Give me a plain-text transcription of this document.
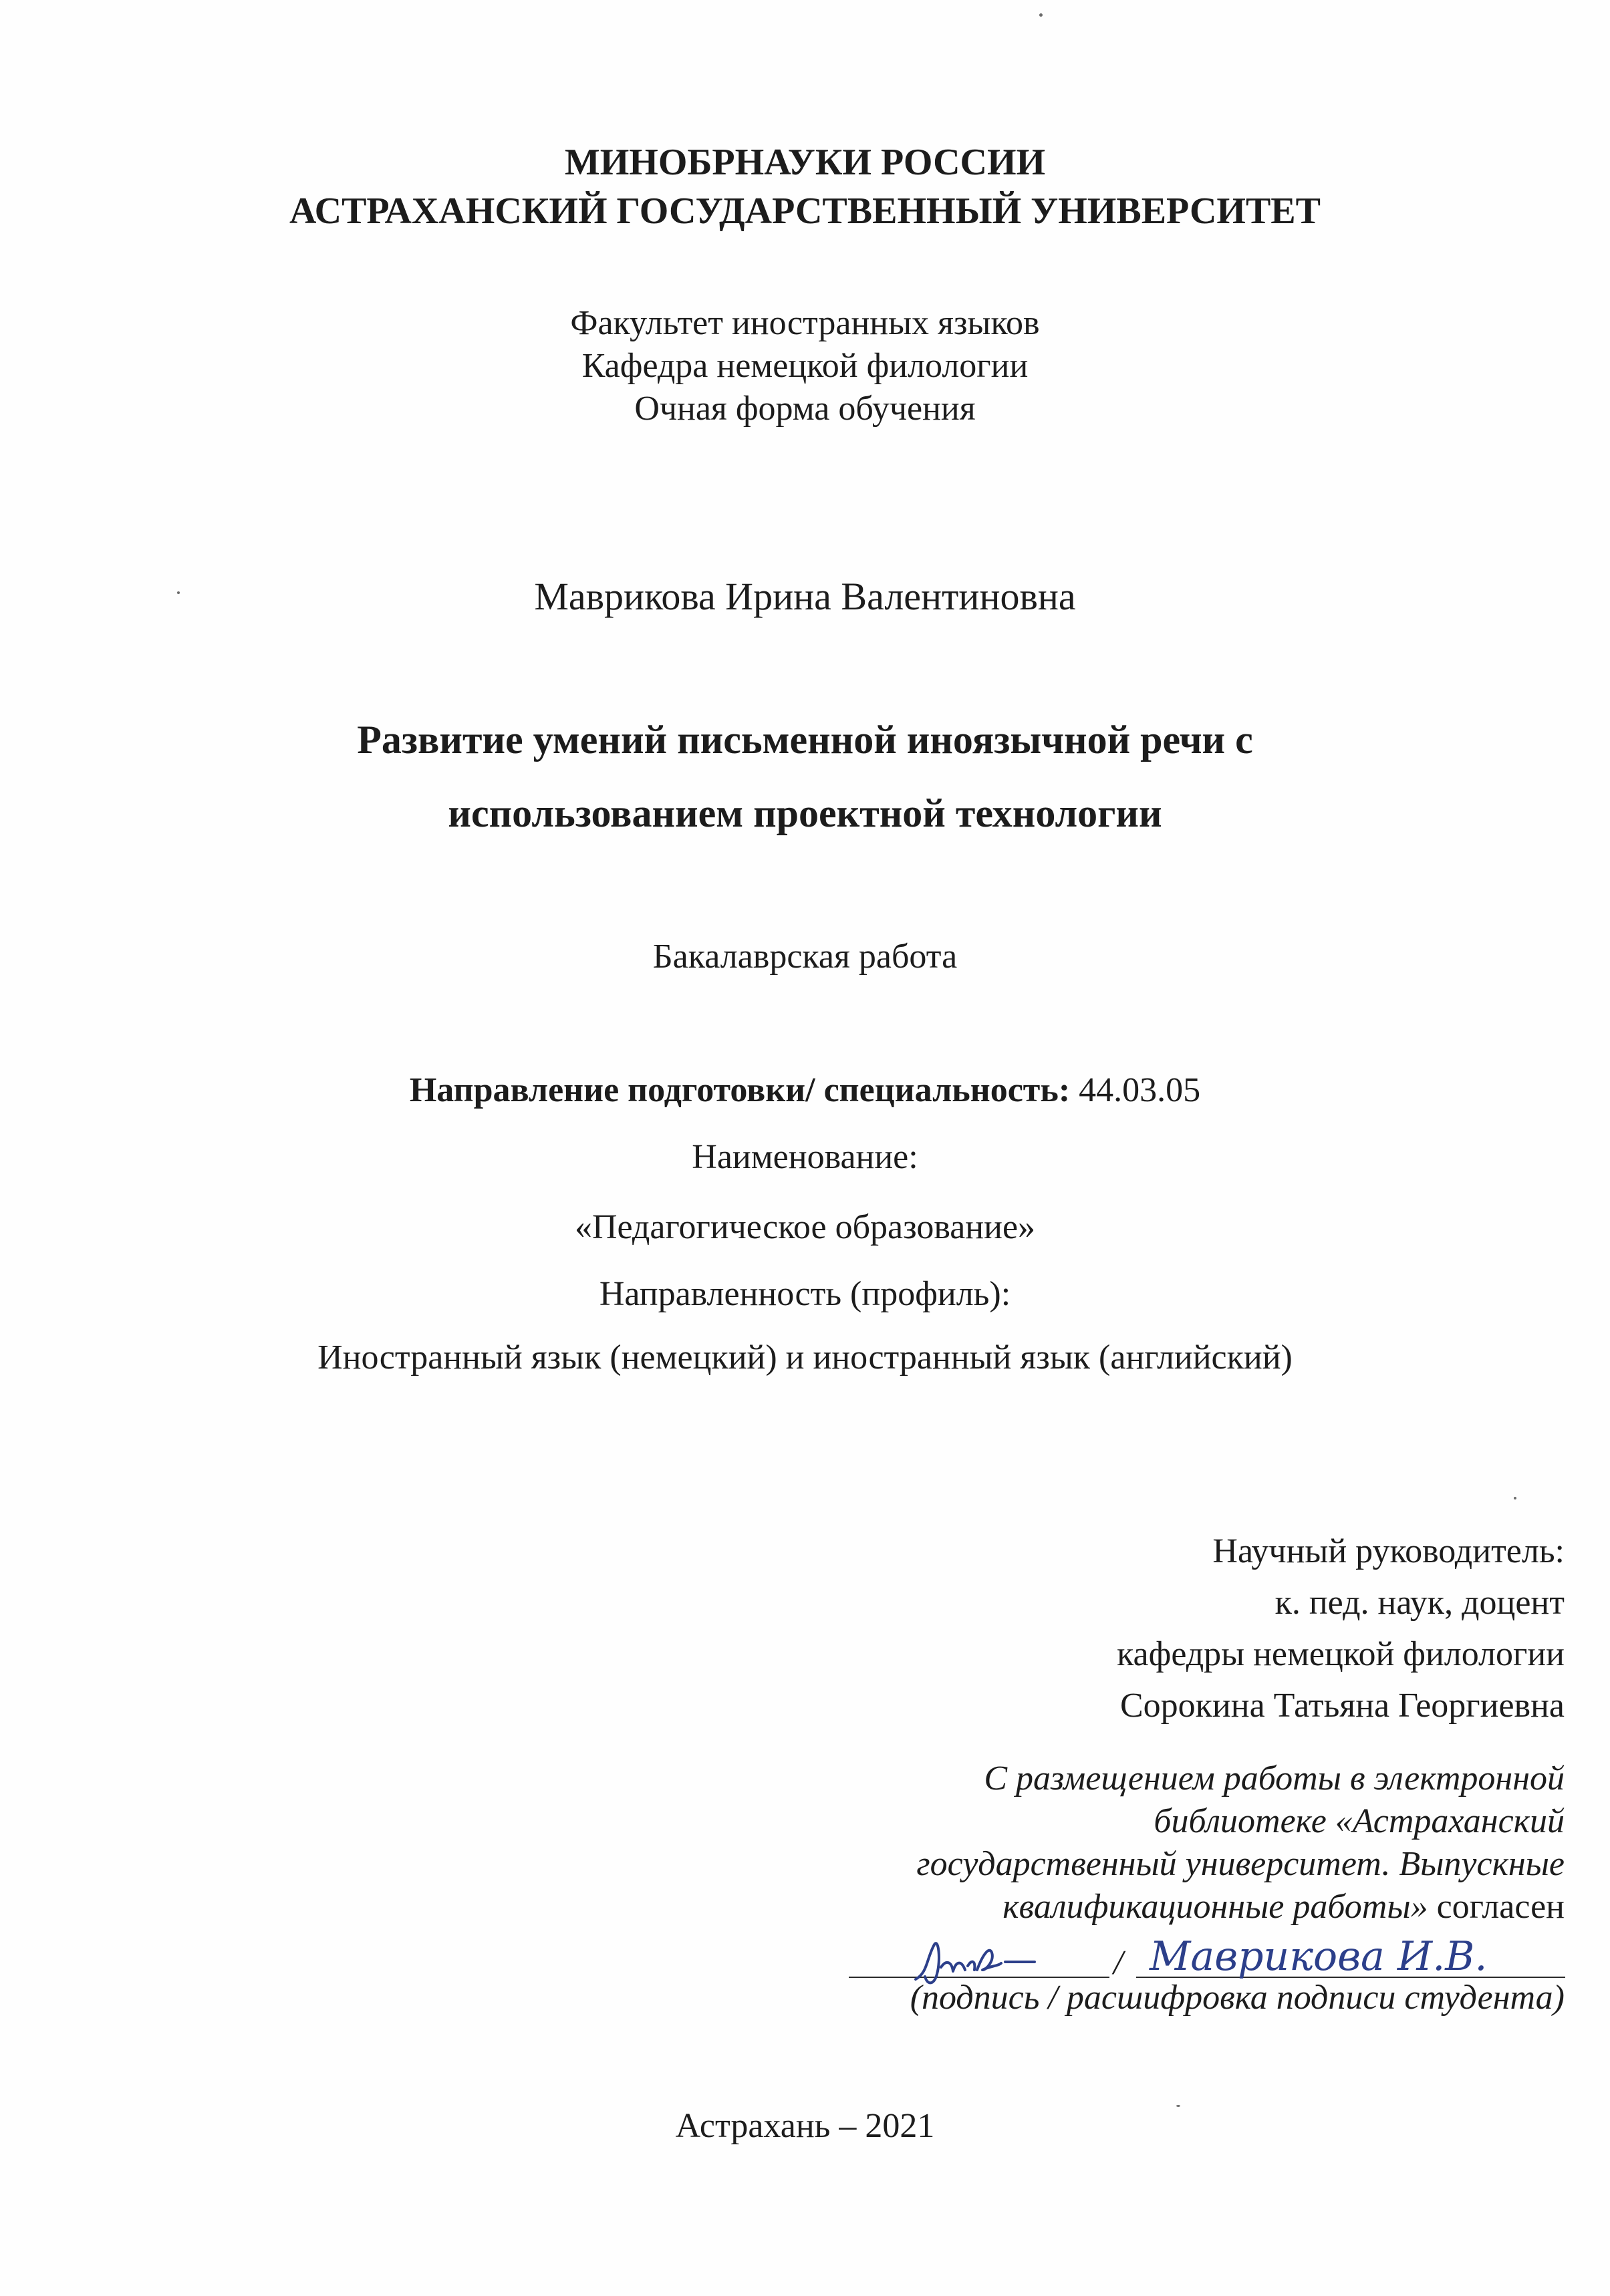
МИНОБРНАУКИ РОССИИ
АСТРАХАНСКИЙ ГОСУДАРСТВЕННЫЙ УНИВЕРСИТЕТ
Факультет иностранных языков
Кафедра немецкой филологии
Очная форма обучения
Маврикова Ирина Валентиновна
Развитие умений письменной иноязычной речи с
использованием проектной технологии
Бакалаврская работа
Направление подготовки/ специальность: 44.03.05
Наименование:
«Педагогическое образование»
Направленность (профиль):
Иностранный язык (немецкий) и иностранный язык (английский)
Научный руководитель:
к. пед. наук, доцент
кафедры немецкой филологии
Сорокина Татьяна Георгиевна
С размещением работы в электронной
библиотеке «Астраханский
государственный университет. Выпускные
квалификационные работы» согласен
/ Маврикова И.В.
(подпись / расшифровка подписи студента)
Астрахань – 2021
